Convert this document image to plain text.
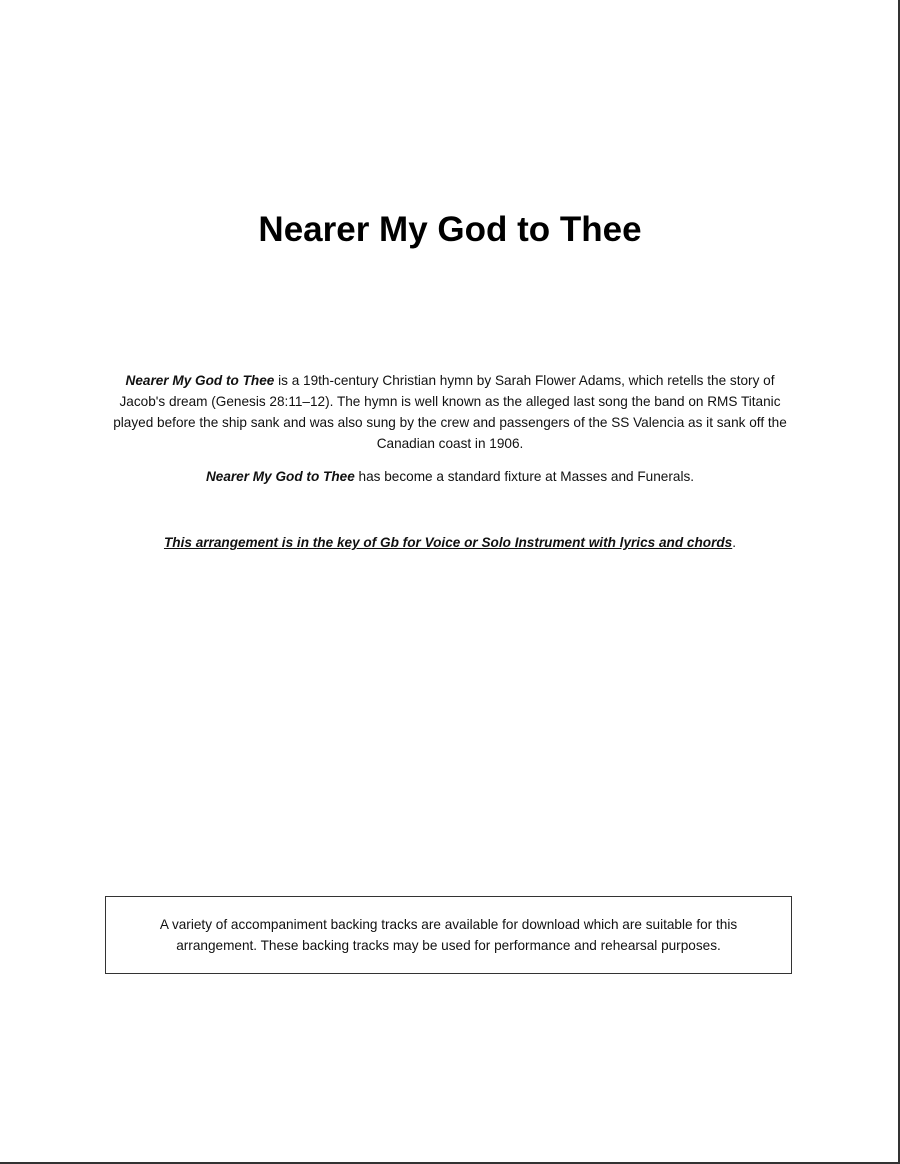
Nearer My God to Thee

Nearer My God to Thee is a 19th-century Christian hymn by Sarah Flower Adams, which retells the story of Jacob's dream (Genesis 28:11–12). The hymn is well known as the alleged last song the band on RMS Titanic played before the ship sank and was also sung by the crew and passengers of the SS Valencia as it sank off the Canadian coast in 1906.

Nearer My God to Thee has become a standard fixture at Masses and Funerals.

This arrangement is in the key of Gb for Voice or Solo Instrument with lyrics and chords.

A variety of accompaniment backing tracks are available for download which are suitable for this arrangement. These backing tracks may be used for performance and rehearsal purposes.
